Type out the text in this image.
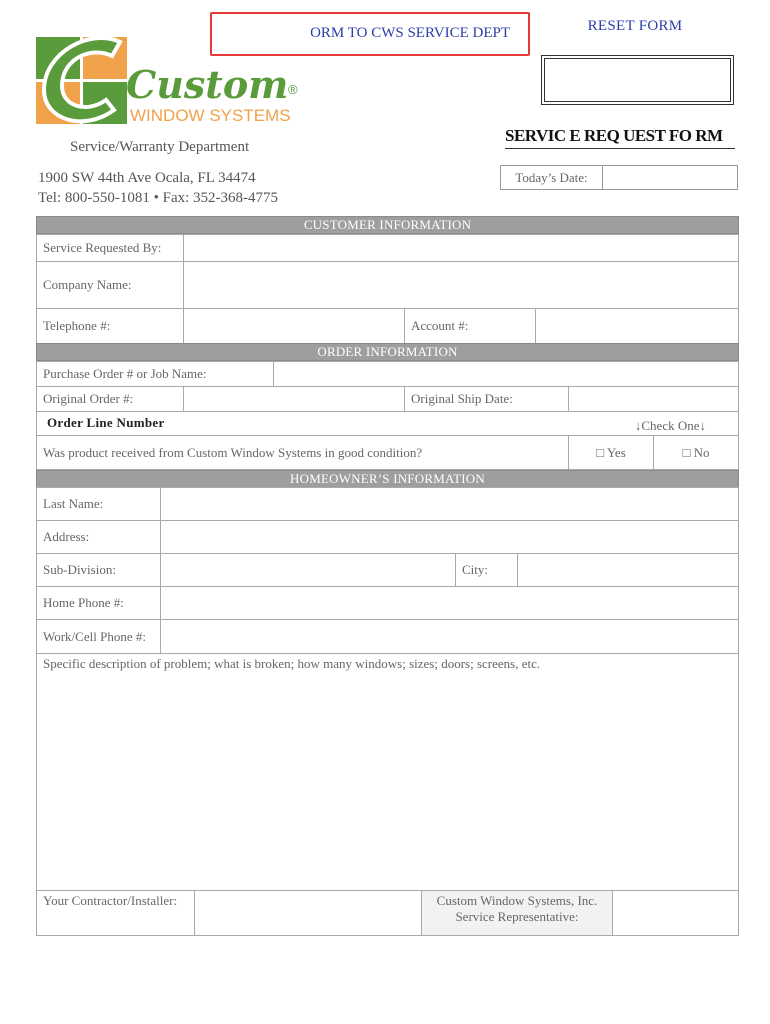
ORM TO CWS SERVICE DEPT	RESET FORM
Custom ®
WINDOW SYSTEMS
Service/Warranty Department
1900 SW 44th Ave Ocala, FL 34474
Tel: 800-550-1081 • Fax: 352-368-4775
SERVIC E REQ UEST FO RM
Today’s Date:
CUSTOMER INFORMATION
Service Requested By:
Company Name:
Telephone #:	Account #:
ORDER INFORMATION
Purchase Order # or Job Name:
Original Order #:	Original Ship Date:
Order Line Number	↓Check One↓
Was product received from Custom Window Systems in good condition?	□ Yes	□ No
HOMEOWNER’S INFORMATION
Last Name:
Address:
Sub-Division:	City:
Home Phone #:
Work/Cell Phone #:
Specific description of problem; what is broken; how many windows; sizes; doors; screens, etc.
Your Contractor/Installer:	Custom Window Systems, Inc.
Service Representative:
